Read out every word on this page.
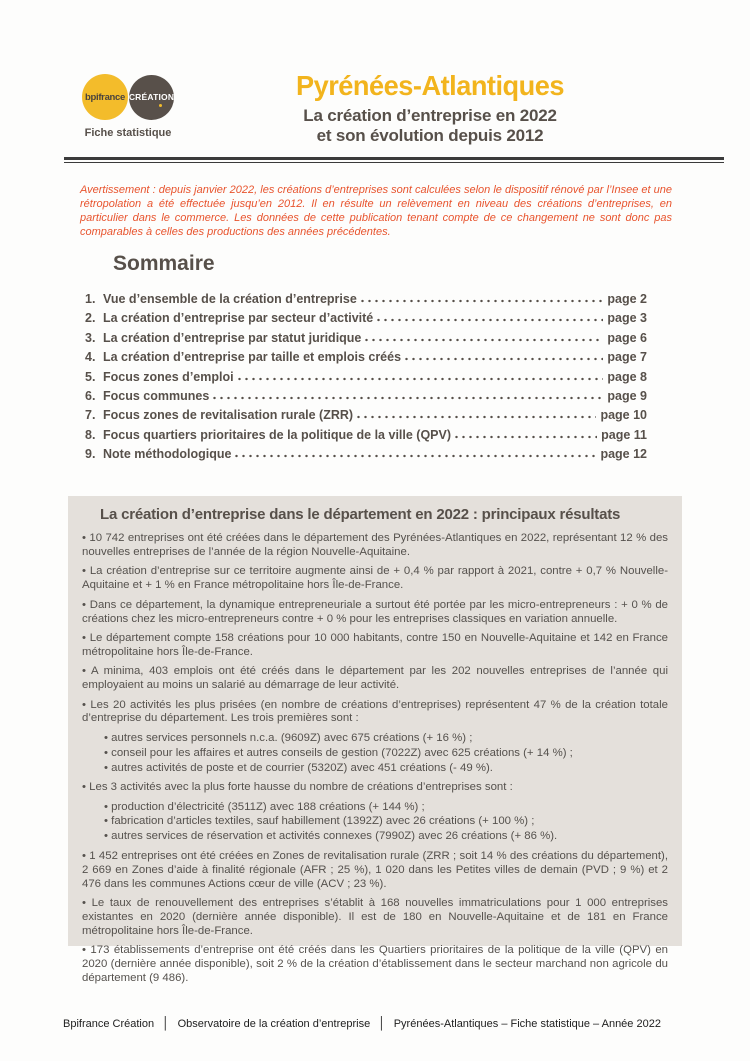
bpifrance CRÉATION
Fiche statistique
Pyrénées-Atlantiques
La création d’entreprise en 2022
et son évolution depuis 2012

Avertissement : depuis janvier 2022, les créations d’entreprises sont calculées selon le dispositif rénové par l’Insee et une rétropolation a été effectuée jusqu’en 2012. Il en résulte un relèvement en niveau des créations d’entreprises, en particulier dans le commerce. Les données de cette publication tenant compte de ce changement ne sont donc pas comparables à celles des productions des années précédentes.

Sommaire
1. Vue d’ensemble de la création d’entreprise	page 2
2. La création d’entreprise par secteur d’activité	page 3
3. La création d’entreprise par statut juridique	page 6
4. La création d’entreprise par taille et emplois créés	page 7
5. Focus zones d’emploi	page 8
6. Focus communes	page 9
7. Focus zones de revitalisation rurale (ZRR)	page 10
8. Focus quartiers prioritaires de la politique de la ville (QPV)	page 11
9. Note méthodologique	page 12
La création d’entreprise dans le département en 2022 : principaux résultats

• 10 742 entreprises ont été créées dans le département des Pyrénées-Atlantiques en 2022, représentant 12 % des nouvelles entreprises de l’année de la région Nouvelle-Aquitaine.

• La création d’entreprise sur ce territoire augmente ainsi de + 0,4 % par rapport à 2021, contre + 0,7 % Nouvelle-Aquitaine et + 1 % en France métropolitaine hors Île-de-France.

• Dans ce département, la dynamique entrepreneuriale a surtout été portée par les micro-entrepreneurs : + 0 % de créations chez les micro-entrepreneurs contre + 0 % pour les entreprises classiques en variation annuelle.

• Le département compte 158 créations pour 10 000 habitants, contre 150 en Nouvelle-Aquitaine et 142 en France métropolitaine hors Île-de-France.

• A minima, 403 emplois ont été créés dans le département par les 202 nouvelles entreprises de l’année qui employaient au moins un salarié au démarrage de leur activité.

• Les 20 activités les plus prisées (en nombre de créations d’entreprises) représentent 47 % de la création totale d’entreprise du département. Les trois premières sont :

• autres services personnels n.c.a. (9609Z) avec 675 créations (+ 16 %) ;

• conseil pour les affaires et autres conseils de gestion (7022Z) avec 625 créations (+ 14 %) ;

• autres activités de poste et de courrier (5320Z) avec 451 créations (- 49 %).

• Les 3 activités avec la plus forte hausse du nombre de créations d’entreprises sont :

• production d’électricité (3511Z) avec 188 créations (+ 144 %) ;

• fabrication d’articles textiles, sauf habillement (1392Z) avec 26 créations (+ 100 %) ;

• autres services de réservation et activités connexes (7990Z) avec 26 créations (+ 86 %).

• 1 452 entreprises ont été créées en Zones de revitalisation rurale (ZRR ; soit 14 % des créations du département), 2 669 en Zones d’aide à finalité régionale (AFR ; 25 %), 1 020 dans les Petites villes de demain (PVD ; 9 %) et 2 476 dans les communes Actions cœur de ville (ACV ; 23 %).

• Le taux de renouvellement des entreprises s’établit à 168 nouvelles immatriculations pour 1 000 entreprises existantes en 2020 (dernière année disponible). Il est de 180 en Nouvelle-Aquitaine et de 181 en France métropolitaine hors Île-de-France.

• 173 établissements d’entreprise ont été créés dans les Quartiers prioritaires de la politique de la ville (QPV) en 2020 (dernière année disponible), soit 2 % de la création d’établissement dans le secteur marchand non agricole du département (9 486).

Bpifrance Création │ Observatoire de la création d’entreprise │ Pyrénées-Atlantiques – Fiche statistique – Année 2022
